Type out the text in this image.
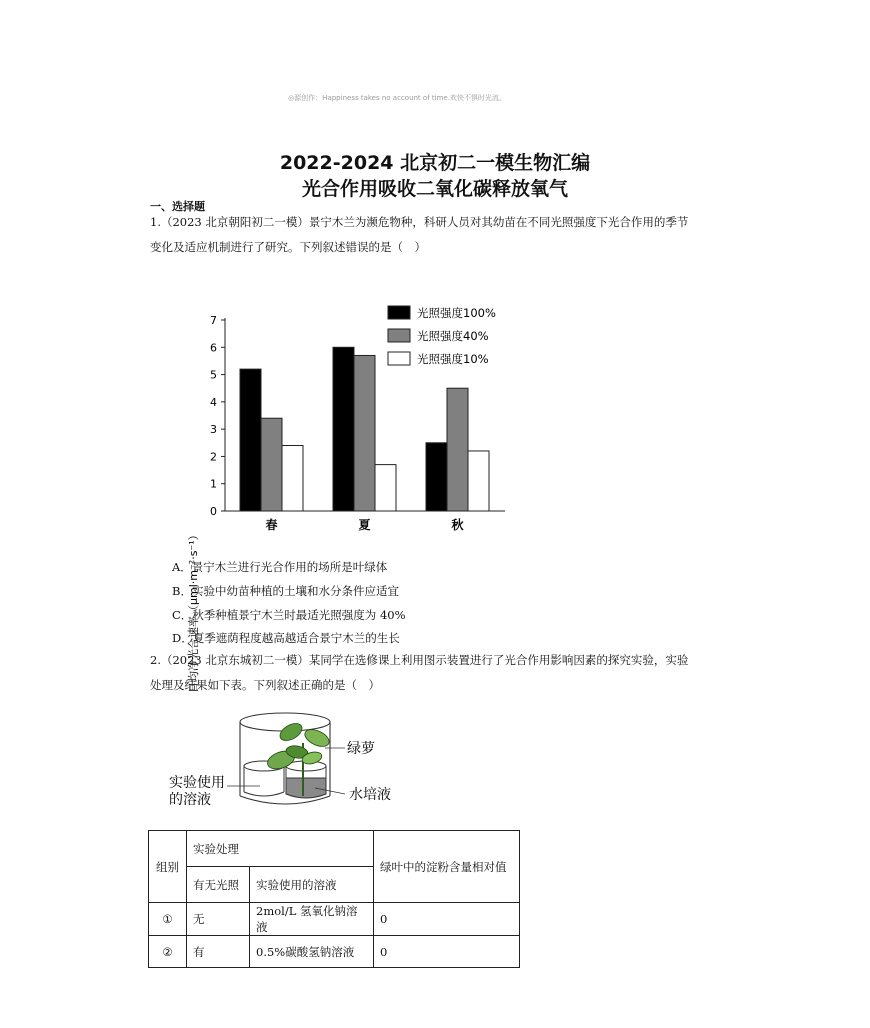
◎源创作：Happiness takes no account of time.欢快不惧时光流。
2022-2024 北京初二一模生物汇编
光合作用吸收二氧化碳释放氧气
一、选择题
1.（2023 北京朝阳初二一模）景宁木兰为濒危物种，科研人员对其幼苗在不同光照强度下光合作用的季节
变化及适应机制进行了研究。下列叙述错误的是（　）
0
1
2
3
4
5
6
7
春	夏	秋
光照强度100%
光照强度40%
光照强度10%
日均净光合速率（μml·m⁻²·s⁻¹）
A．景宁木兰进行光合作用的场所是叶绿体
B．实验中幼苗种植的土壤和水分条件应适宜
C．秋季种植景宁木兰时最适光照强度为 40%
D．夏季遮荫程度越高越适合景宁木兰的生长
2.（2023 北京东城初二一模）某同学在选修课上利用图示装置进行了光合作用影响因素的探究实验，实验
处理及结果如下表。下列叙述正确的是（　）
绿萝
水培液
实验使用
的溶液
组别	实验处理		绿叶中的淀粉含量相对值
	有无光照	实验使用的溶液	
①	无	2mol/L 氢氧化钠溶液	0
②	有	0.5%碳酸氢钠溶液	0
